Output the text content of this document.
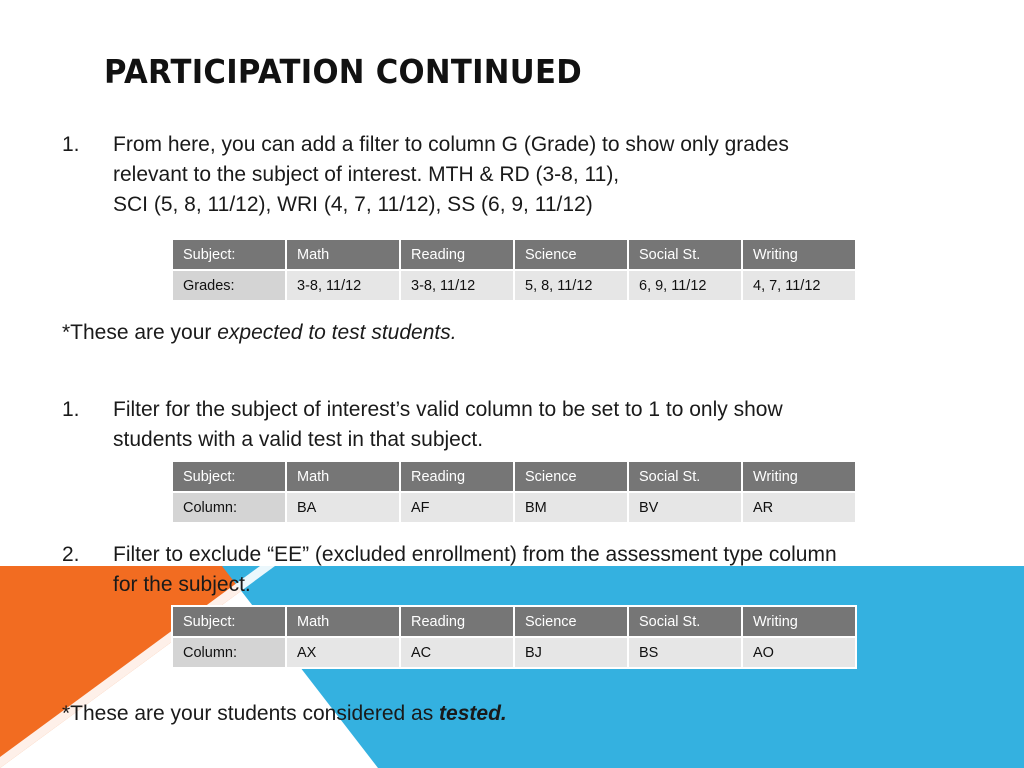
PARTICIPATION CONTINUED
1.	From here, you can add a filter to column G (Grade) to show only grades
relevant to the subject of interest. MTH & RD (3-8, 11),
SCI (5, 8, 11/12), WRI (4, 7, 11/12), SS (6, 9, 11/12)
Subject:	Math	Reading	Science	Social St.	Writing
Grades:	3-8, 11/12	3-8, 11/12	5, 8, 11/12	6, 9, 11/12	4, 7, 11/12
*These are your expected to test students.
1.	Filter for the subject of interest’s valid column to be set to 1 to only show
students with a valid test in that subject.
Subject:	Math	Reading	Science	Social St.	Writing
Column:	BA	AF	BM	BV	AR
2.	Filter to exclude “EE” (excluded enrollment) from the assessment type column
for the subject.
Subject:	Math	Reading	Science	Social St.	Writing
Column:	AX	AC	BJ	BS	AO
*These are your students considered as tested.
